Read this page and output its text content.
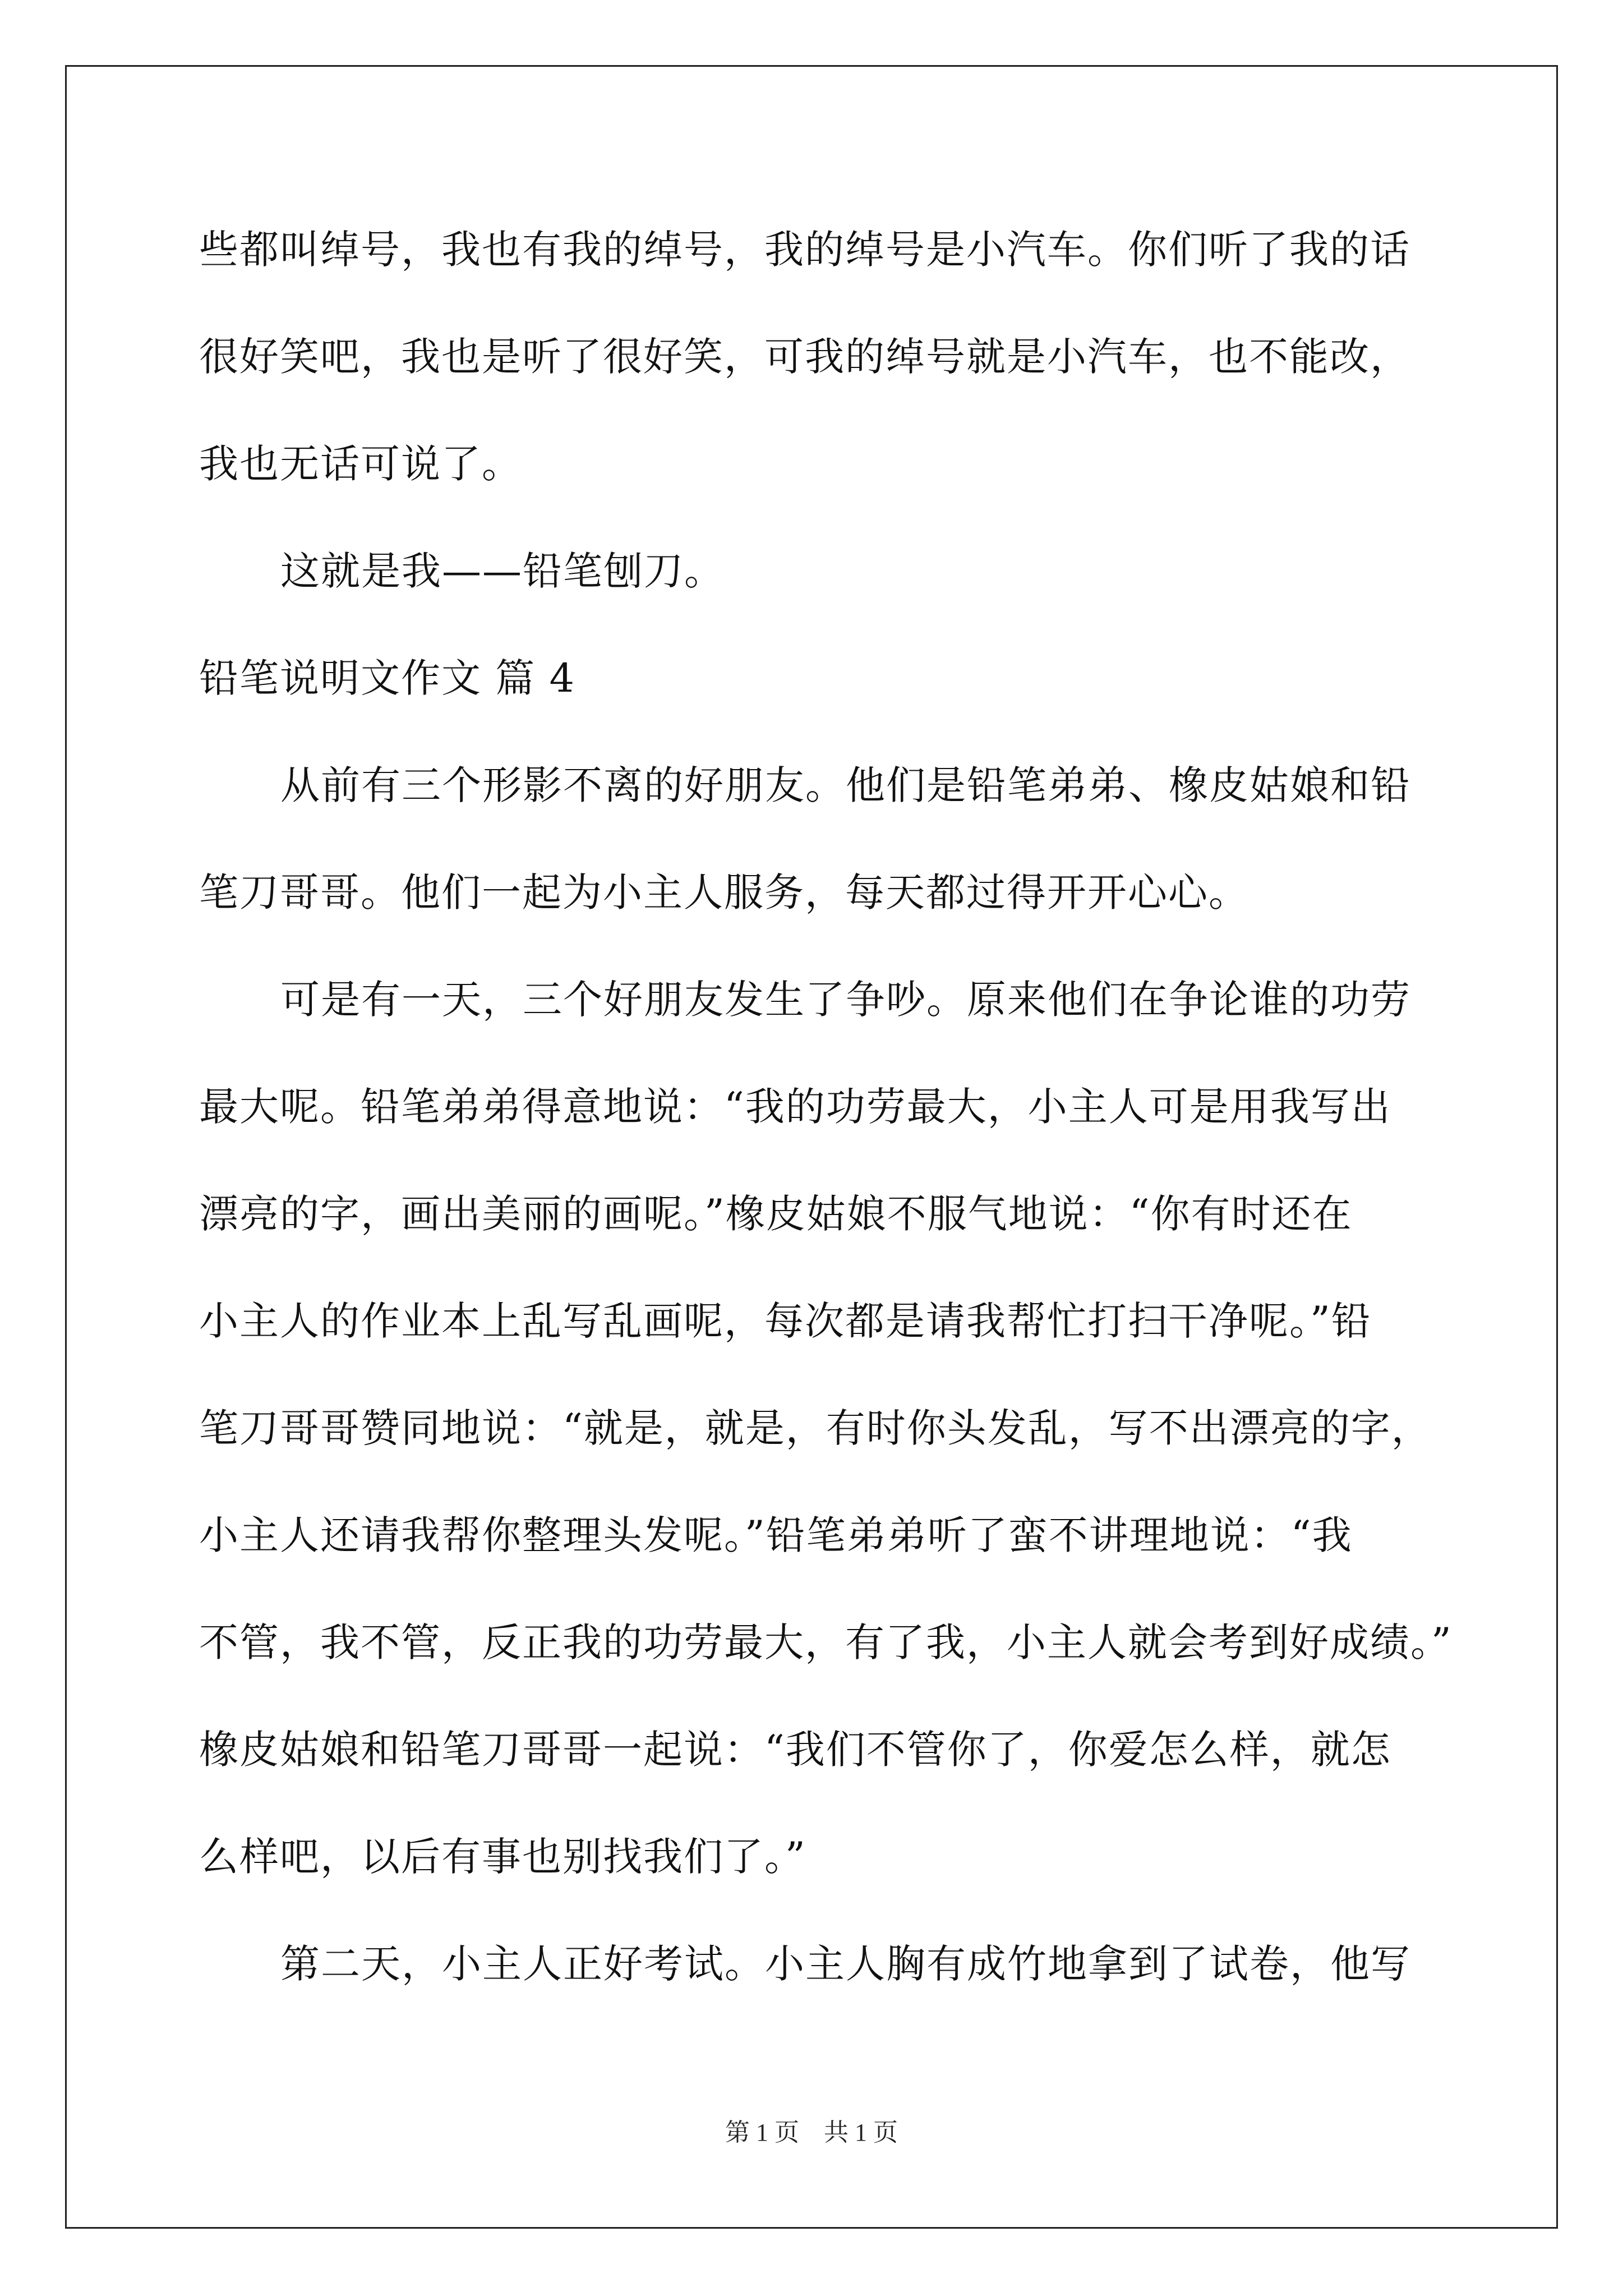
些都叫绰号，我也有我的绰号，我的绰号是小汽车。你们听了我的话
很好笑吧，我也是听了很好笑，可我的绰号就是小汽车，也不能改，
我也无话可说了。
这就是我——铅笔刨刀。
铅笔说明文作文 篇 4
从前有三个形影不离的好朋友。他们是铅笔弟弟、橡皮姑娘和铅
笔刀哥哥。他们一起为小主人服务，每天都过得开开心心。
可是有一天，三个好朋友发生了争吵。原来他们在争论谁的功劳
最大呢。铅笔弟弟得意地说：“我的功劳最大，小主人可是用我写出
漂亮的字，画出美丽的画呢。”橡皮姑娘不服气地说：“你有时还在
小主人的作业本上乱写乱画呢，每次都是请我帮忙打扫干净呢。”铅
笔刀哥哥赞同地说：“就是，就是，有时你头发乱，写不出漂亮的字，
小主人还请我帮你整理头发呢。”铅笔弟弟听了蛮不讲理地说：“我
不管，我不管，反正我的功劳最大，有了我，小主人就会考到好成绩。”
橡皮姑娘和铅笔刀哥哥一起说：“我们不管你了，你爱怎么样，就怎
么样吧，以后有事也别找我们了。”
第二天，小主人正好考试。小主人胸有成竹地拿到了试卷，他写
第 1 页    共 1 页
